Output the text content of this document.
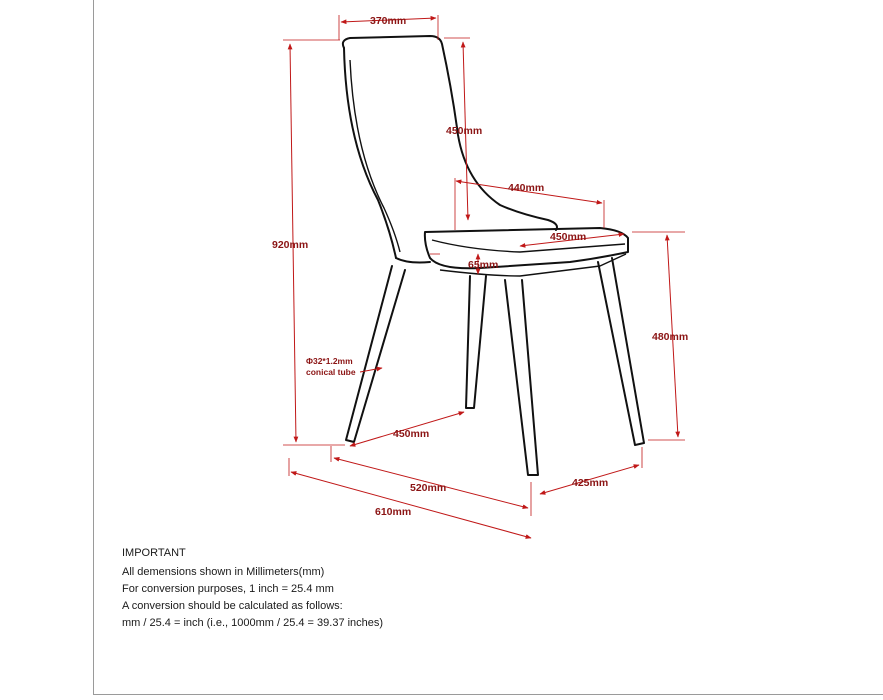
370mm
450mm
440mm
450mm
65mm
920mm
480mm
Φ32*1.2mm
conical tube
450mm
520mm
610mm
425mm
IMPORTANT
All demensions shown in Millimeters(mm)
For conversion purposes, 1 inch = 25.4 mm
A conversion should be calculated as follows:
mm / 25.4 = inch (i.e., 1000mm / 25.4 = 39.37 inches)
